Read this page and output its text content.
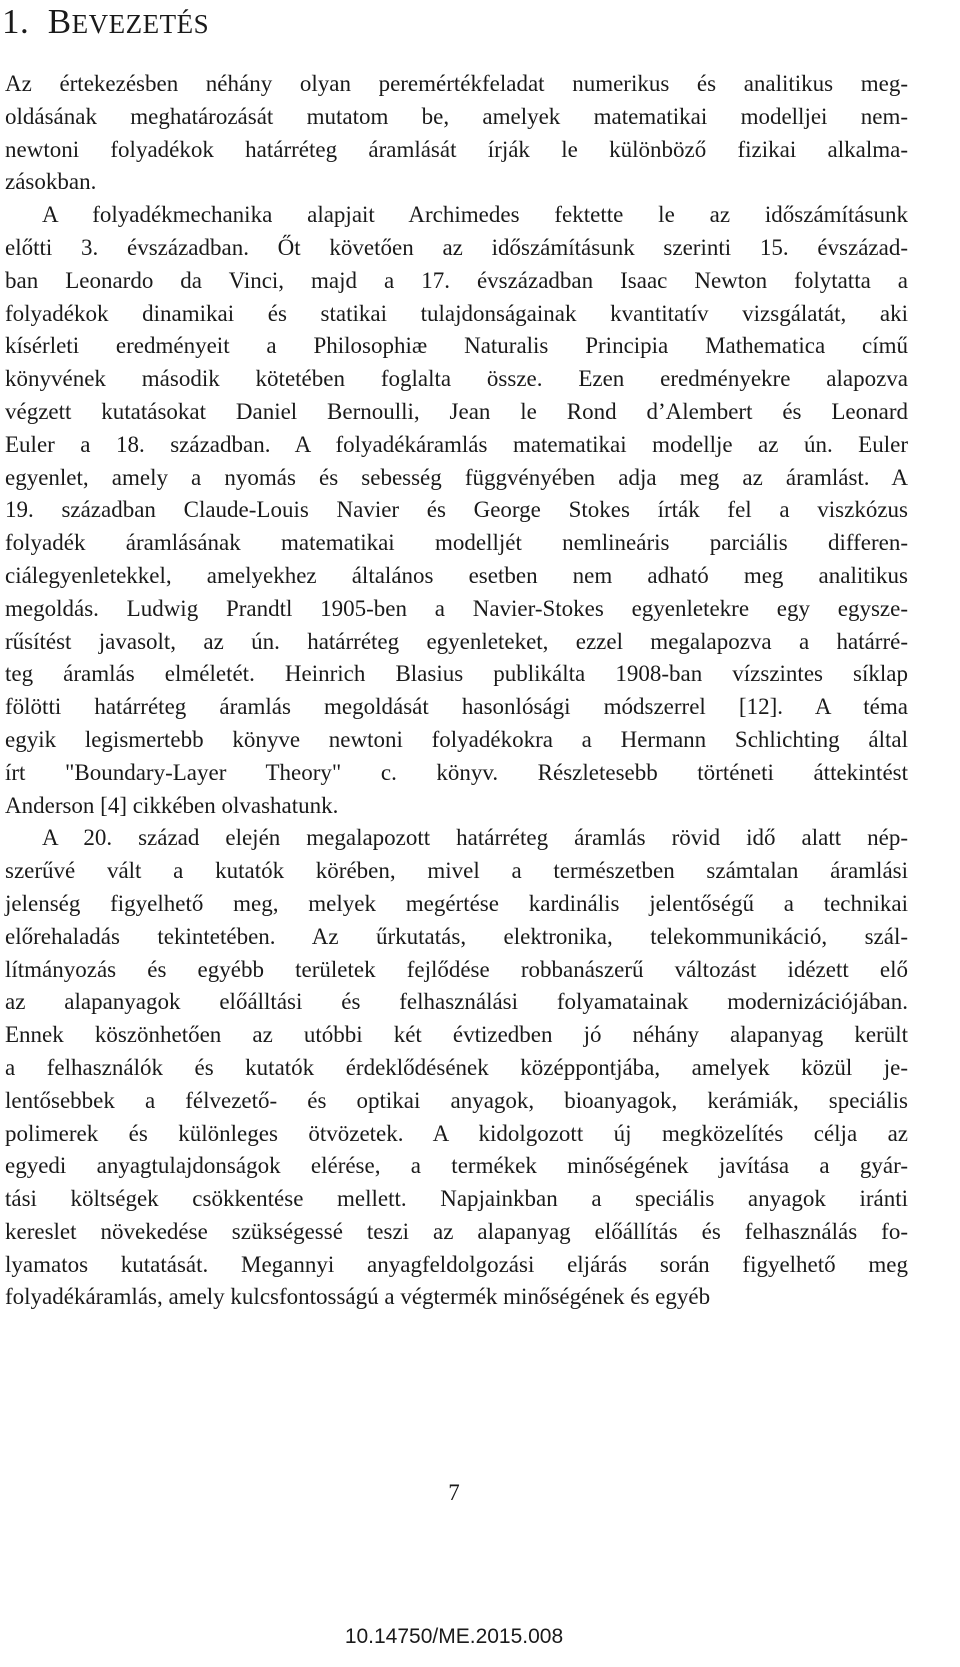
1. BEVEZETÉS
Az értekezésben néhány olyan peremértékfeladat numerikus és analitikus meg-
oldásának meghatározását mutatom be, amelyek matematikai modelljei nem-
newtoni folyadékok határréteg áramlását írják le különböző fizikai alkalma-
zásokban.
A folyadékmechanika alapjait Archimedes fektette le az időszámításunk
előtti 3. évszázadban. Őt követően az időszámításunk szerinti 15. évszázad-
ban Leonardo da Vinci, majd a 17. évszázadban Isaac Newton folytatta a
folyadékok dinamikai és statikai tulajdonságainak kvantitatív vizsgálatát, aki
kísérleti eredményeit a Philosophiæ Naturalis Principia Mathematica című
könyvének második kötetében foglalta össze. Ezen eredményekre alapozva
végzett kutatásokat Daniel Bernoulli, Jean le Rond d’Alembert és Leonard
Euler a 18. században. A folyadékáramlás matematikai modellje az ún. Euler
egyenlet, amely a nyomás és sebesség függvényében adja meg az áramlást. A
19. században Claude-Louis Navier és George Stokes írták fel a viszkózus
folyadék áramlásának matematikai modelljét nemlineáris parciális differen-
ciálegyenletekkel, amelyekhez általános esetben nem adható meg analitikus
megoldás. Ludwig Prandtl 1905-ben a Navier-Stokes egyenletekre egy egysze-
rűsítést javasolt, az ún. határréteg egyenleteket, ezzel megalapozva a határré-
teg áramlás elméletét. Heinrich Blasius publikálta 1908-ban vízszintes síklap
fölötti határréteg áramlás megoldását hasonlósági módszerrel [12]. A téma
egyik legismertebb könyve newtoni folyadékokra a Hermann Schlichting által
írt "Boundary-Layer Theory" c. könyv. Részletesebb történeti áttekintést
Anderson [4] cikkében olvashatunk.
A 20. század elején megalapozott határréteg áramlás rövid idő alatt nép-
szerűvé vált a kutatók körében, mivel a természetben számtalan áramlási
jelenség figyelhető meg, melyek megértése kardinális jelentőségű a technikai
előrehaladás tekintetében. Az űrkutatás, elektronika, telekommunikáció, szál-
lítmányozás és egyébb területek fejlődése robbanászerű változást idézett elő
az alapanyagok előálltási és felhasználási folyamatainak modernizációjában.
Ennek köszönhetően az utóbbi két évtizedben jó néhány alapanyag került
a felhasználók és kutatók érdeklődésének középpontjába, amelyek közül je-
lentősebbek a félvezető- és optikai anyagok, bioanyagok, kerámiák, speciális
polimerek és különleges ötvözetek. A kidolgozott új megközelítés célja az
egyedi anyagtulajdonságok elérése, a termékek minőségének javítása a gyár-
tási költségek csökkentése mellett. Napjainkban a speciális anyagok iránti
kereslet növekedése szükségessé teszi az alapanyag előállítás és felhasználás fo-
lyamatos kutatását. Megannyi anyagfeldolgozási eljárás során figyelhető meg
folyadékáramlás, amely kulcsfontosságú a végtermék minőségének és egyéb
7
10.14750/ME.2015.008
